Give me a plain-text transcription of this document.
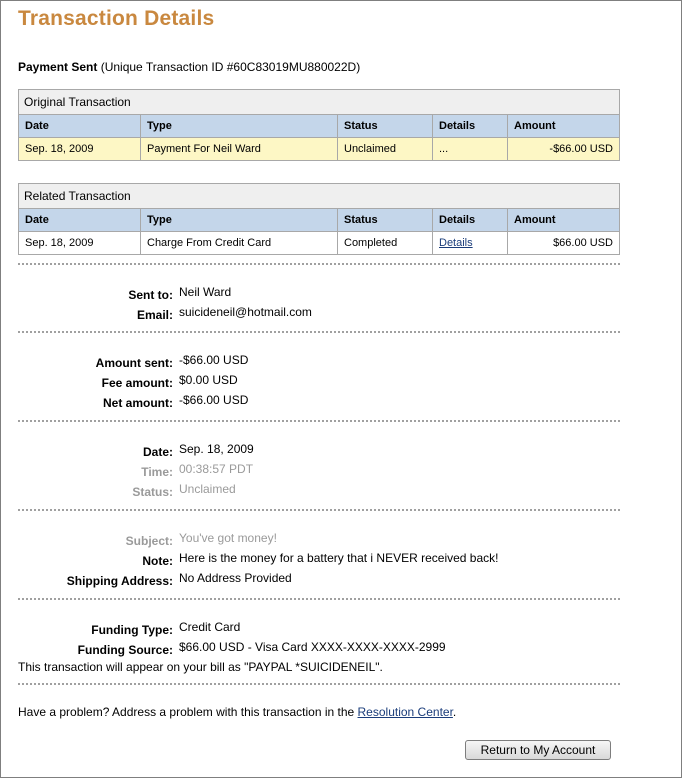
Transaction Details
Payment Sent (Unique Transaction ID #60C83019MU880022D)
Original Transaction
Date	Type	Status	Details	Amount
Sep. 18, 2009	Payment For Neil Ward	Unclaimed	...	-$66.00 USD
Related Transaction
Date	Type	Status	Details	Amount
Sep. 18, 2009	Charge From Credit Card	Completed	Details	$66.00 USD
Sent to: Neil Ward
Email: suicideneil@hotmail.com
Amount sent: -$66.00 USD
Fee amount: $0.00 USD
Net amount: -$66.00 USD
Date: Sep. 18, 2009
Time: 00:38:57 PDT
Status: Unclaimed
Subject: You've got money!
Note: Here is the money for a battery that i NEVER received back!
Shipping Address: No Address Provided
Funding Type: Credit Card
Funding Source: $66.00 USD - Visa Card XXXX-XXXX-XXXX-2999
This transaction will appear on your bill as "PAYPAL *SUICIDENEIL".
Have a problem? Address a problem with this transaction in the Resolution Center.
Return to My Account
